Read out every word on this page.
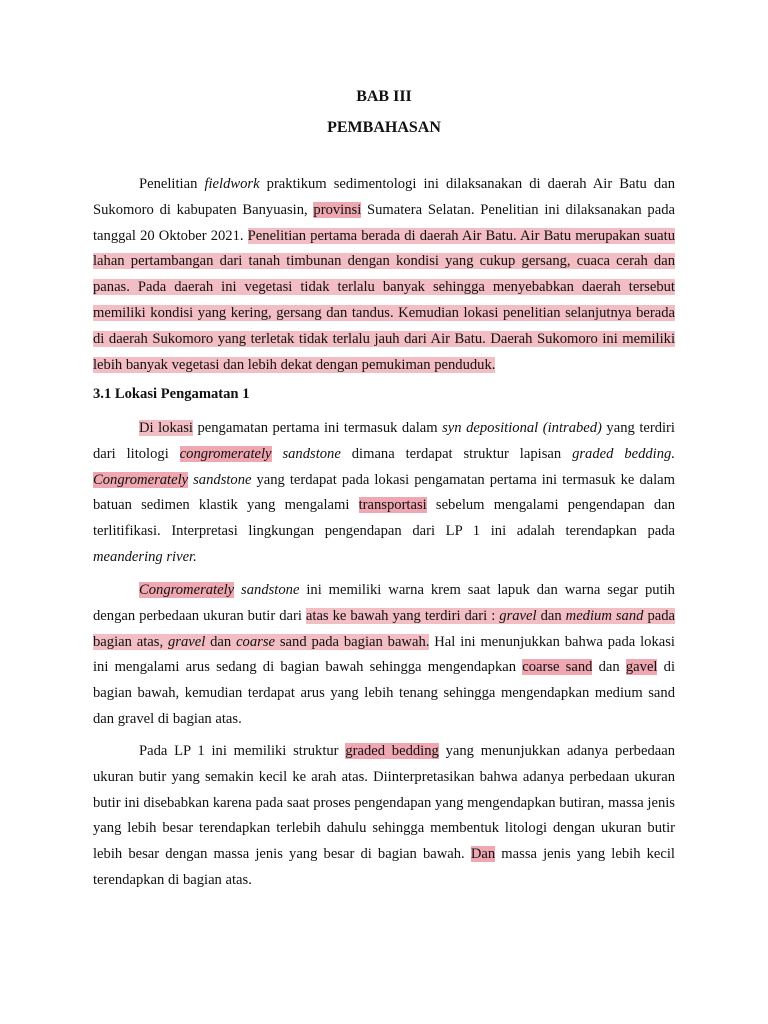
BAB III
PEMBAHASAN

Penelitian fieldwork praktikum sedimentologi ini dilaksanakan di daerah Air Batu dan Sukomoro di kabupaten Banyuasin, provinsi Sumatera Selatan. Penelitian ini dilaksanakan pada tanggal 20 Oktober 2021. Penelitian pertama berada di daerah Air Batu. Air Batu merupakan suatu lahan pertambangan dari tanah timbunan dengan kondisi yang cukup gersang, cuaca cerah dan panas. Pada daerah ini vegetasi tidak terlalu banyak sehingga menyebabkan daerah tersebut memiliki kondisi yang kering, gersang dan tandus. Kemudian lokasi penelitian selanjutnya berada di daerah Sukomoro yang terletak tidak terlalu jauh dari Air Batu. Daerah Sukomoro ini memiliki lebih banyak vegetasi dan lebih dekat dengan pemukiman penduduk.

3.1 Lokasi Pengamatan 1

Di lokasi pengamatan pertama ini termasuk dalam syn depositional (intrabed) yang terdiri dari litologi congromerately sandstone dimana terdapat struktur lapisan graded bedding. Congromerately sandstone yang terdapat pada lokasi pengamatan pertama ini termasuk ke dalam batuan sedimen klastik yang mengalami transportasi sebelum mengalami pengendapan dan terlitifikasi. Interpretasi lingkungan pengendapan dari LP 1 ini adalah terendapkan pada meandering river.

Congromerately sandstone ini memiliki warna krem saat lapuk dan warna segar putih dengan perbedaan ukuran butir dari atas ke bawah yang terdiri dari : gravel dan medium sand pada bagian atas, gravel dan coarse sand pada bagian bawah. Hal ini menunjukkan bahwa pada lokasi ini mengalami arus sedang di bagian bawah sehingga mengendapkan coarse sand dan gavel di bagian bawah, kemudian terdapat arus yang lebih tenang sehingga mengendapkan medium sand dan gravel di bagian atas.

Pada LP 1 ini memiliki struktur graded bedding yang menunjukkan adanya perbedaan ukuran butir yang semakin kecil ke arah atas. Diinterpretasikan bahwa adanya perbedaan ukuran butir ini disebabkan karena pada saat proses pengendapan yang mengendapkan butiran, massa jenis yang lebih besar terendapkan terlebih dahulu sehingga membentuk litologi dengan ukuran butir lebih besar dengan massa jenis yang besar di bagian bawah. Dan massa jenis yang lebih kecil terendapkan di bagian atas.
